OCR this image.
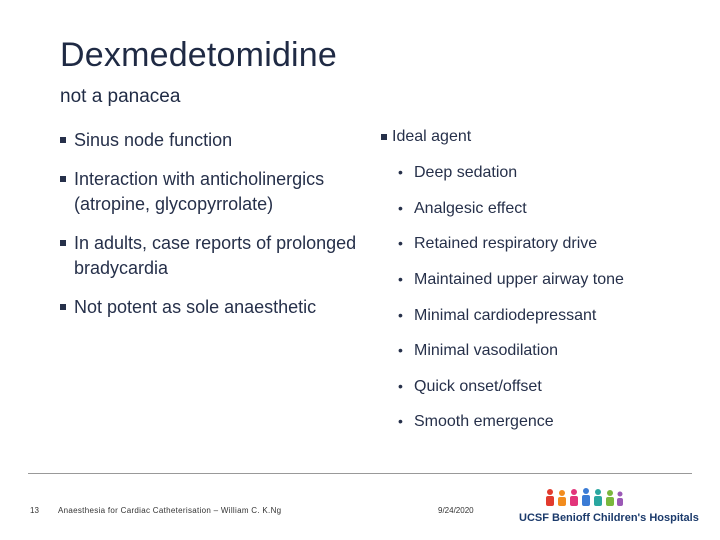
Dexmedetomidine
not a panacea
Sinus node function
Interaction with anticholinergics (atropine, glycopyrrolate)
In adults, case reports of prolonged bradycardia
Not potent as sole anaesthetic
Ideal agent
• Deep sedation
• Analgesic effect
• Retained respiratory drive
• Maintained upper airway tone
• Minimal cardiodepressant
• Minimal vasodilation
• Quick onset/offset
• Smooth emergence
13 Anaesthesia for Cardiac Catheterisation – William C. K.Ng	9/24/2020
UCSF Benioff Children's Hospitals
